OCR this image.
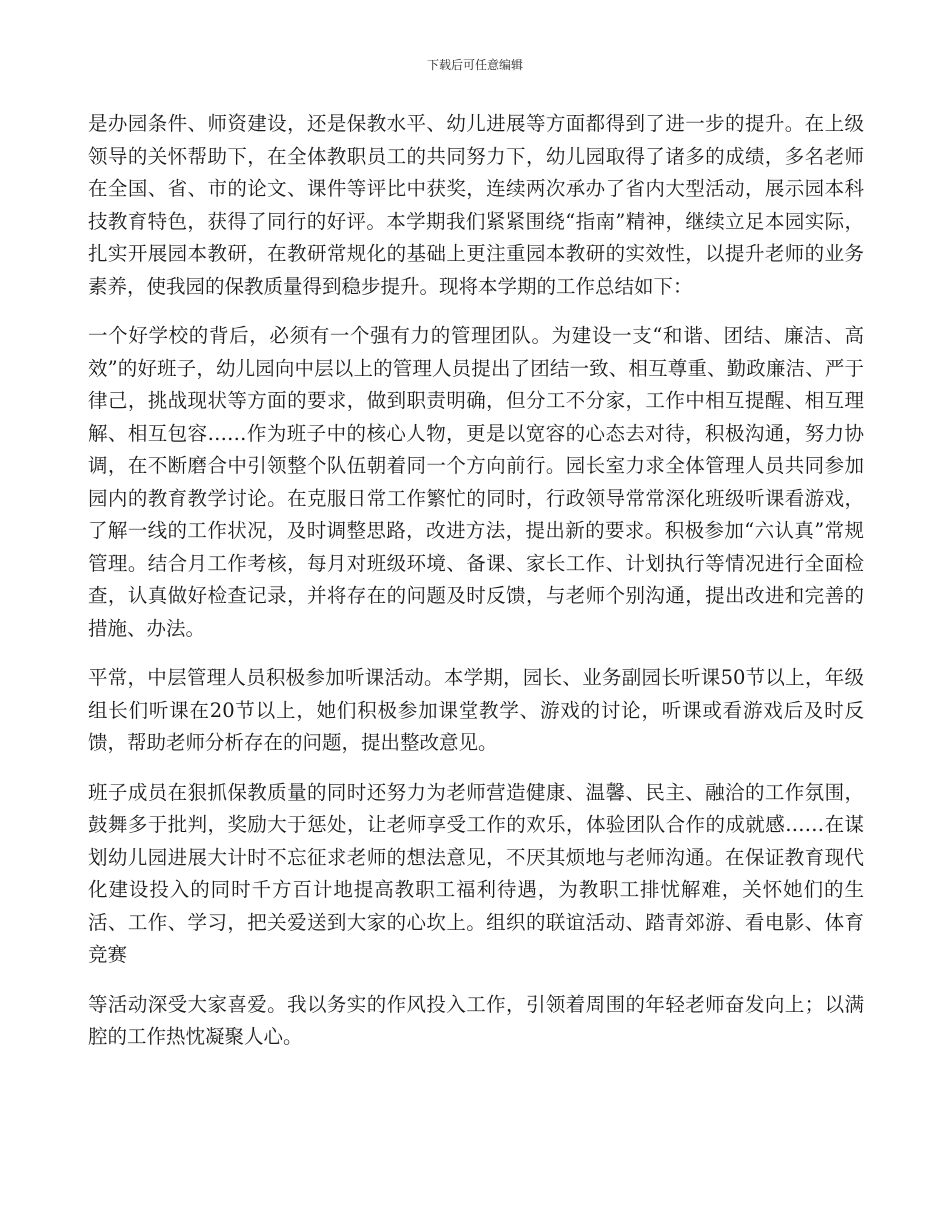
下载后可任意编辑

是办园条件、师资建设，还是保教水平、幼儿进展等方面都得到了进一步的提升。在上级领导的关怀帮助下，在全体教职员工的共同努力下，幼儿园取得了诸多的成绩，多名老师在全国、省、市的论文、课件等评比中获奖，连续两次承办了省内大型活动，展示园本科技教育特色，获得了同行的好评。本学期我们紧紧围绕“指南”精神，继续立足本园实际，扎实开展园本教研，在教研常规化的基础上更注重园本教研的实效性，以提升老师的业务素养，使我园的保教质量得到稳步提升。现将本学期的工作总结如下：

一个好学校的背后，必须有一个强有力的管理团队。为建设一支“和谐、团结、廉洁、高效”的好班子，幼儿园向中层以上的管理人员提出了团结一致、相互尊重、勤政廉洁、严于律己，挑战现状等方面的要求，做到职责明确，但分工不分家，工作中相互提醒、相互理解、相互包容……作为班子中的核心人物，更是以宽容的心态去对待，积极沟通，努力协调，在不断磨合中引领整个队伍朝着同一个方向前行。园长室力求全体管理人员共同参加园内的教育教学讨论。在克服日常工作繁忙的同时，行政领导常常深化班级听课看游戏，了解一线的工作状况，及时调整思路，改进方法，提出新的要求。积极参加“六认真”常规管理。结合月工作考核，每月对班级环境、备课、家长工作、计划执行等情况进行全面检查，认真做好检查记录，并将存在的问题及时反馈，与老师个别沟通，提出改进和完善的措施、办法。

平常，中层管理人员积极参加听课活动。本学期，园长、业务副园长听课50节以上，年级组长们听课在20节以上，她们积极参加课堂教学、游戏的讨论，听课或看游戏后及时反馈，帮助老师分析存在的问题，提出整改意见。

班子成员在狠抓保教质量的同时还努力为老师营造健康、温馨、民主、融洽的工作氛围，鼓舞多于批判，奖励大于惩处，让老师享受工作的欢乐，体验团队合作的成就感……在谋划幼儿园进展大计时不忘征求老师的想法意见，不厌其烦地与老师沟通。在保证教育现代化建设投入的同时千方百计地提高教职工福利待遇，为教职工排忧解难，关怀她们的生活、工作、学习，把关爱送到大家的心坎上。组织的联谊活动、踏青郊游、看电影、体育竞赛

等活动深受大家喜爱。我以务实的作风投入工作，引领着周围的年轻老师奋发向上；以满腔的工作热忱凝聚人心。
